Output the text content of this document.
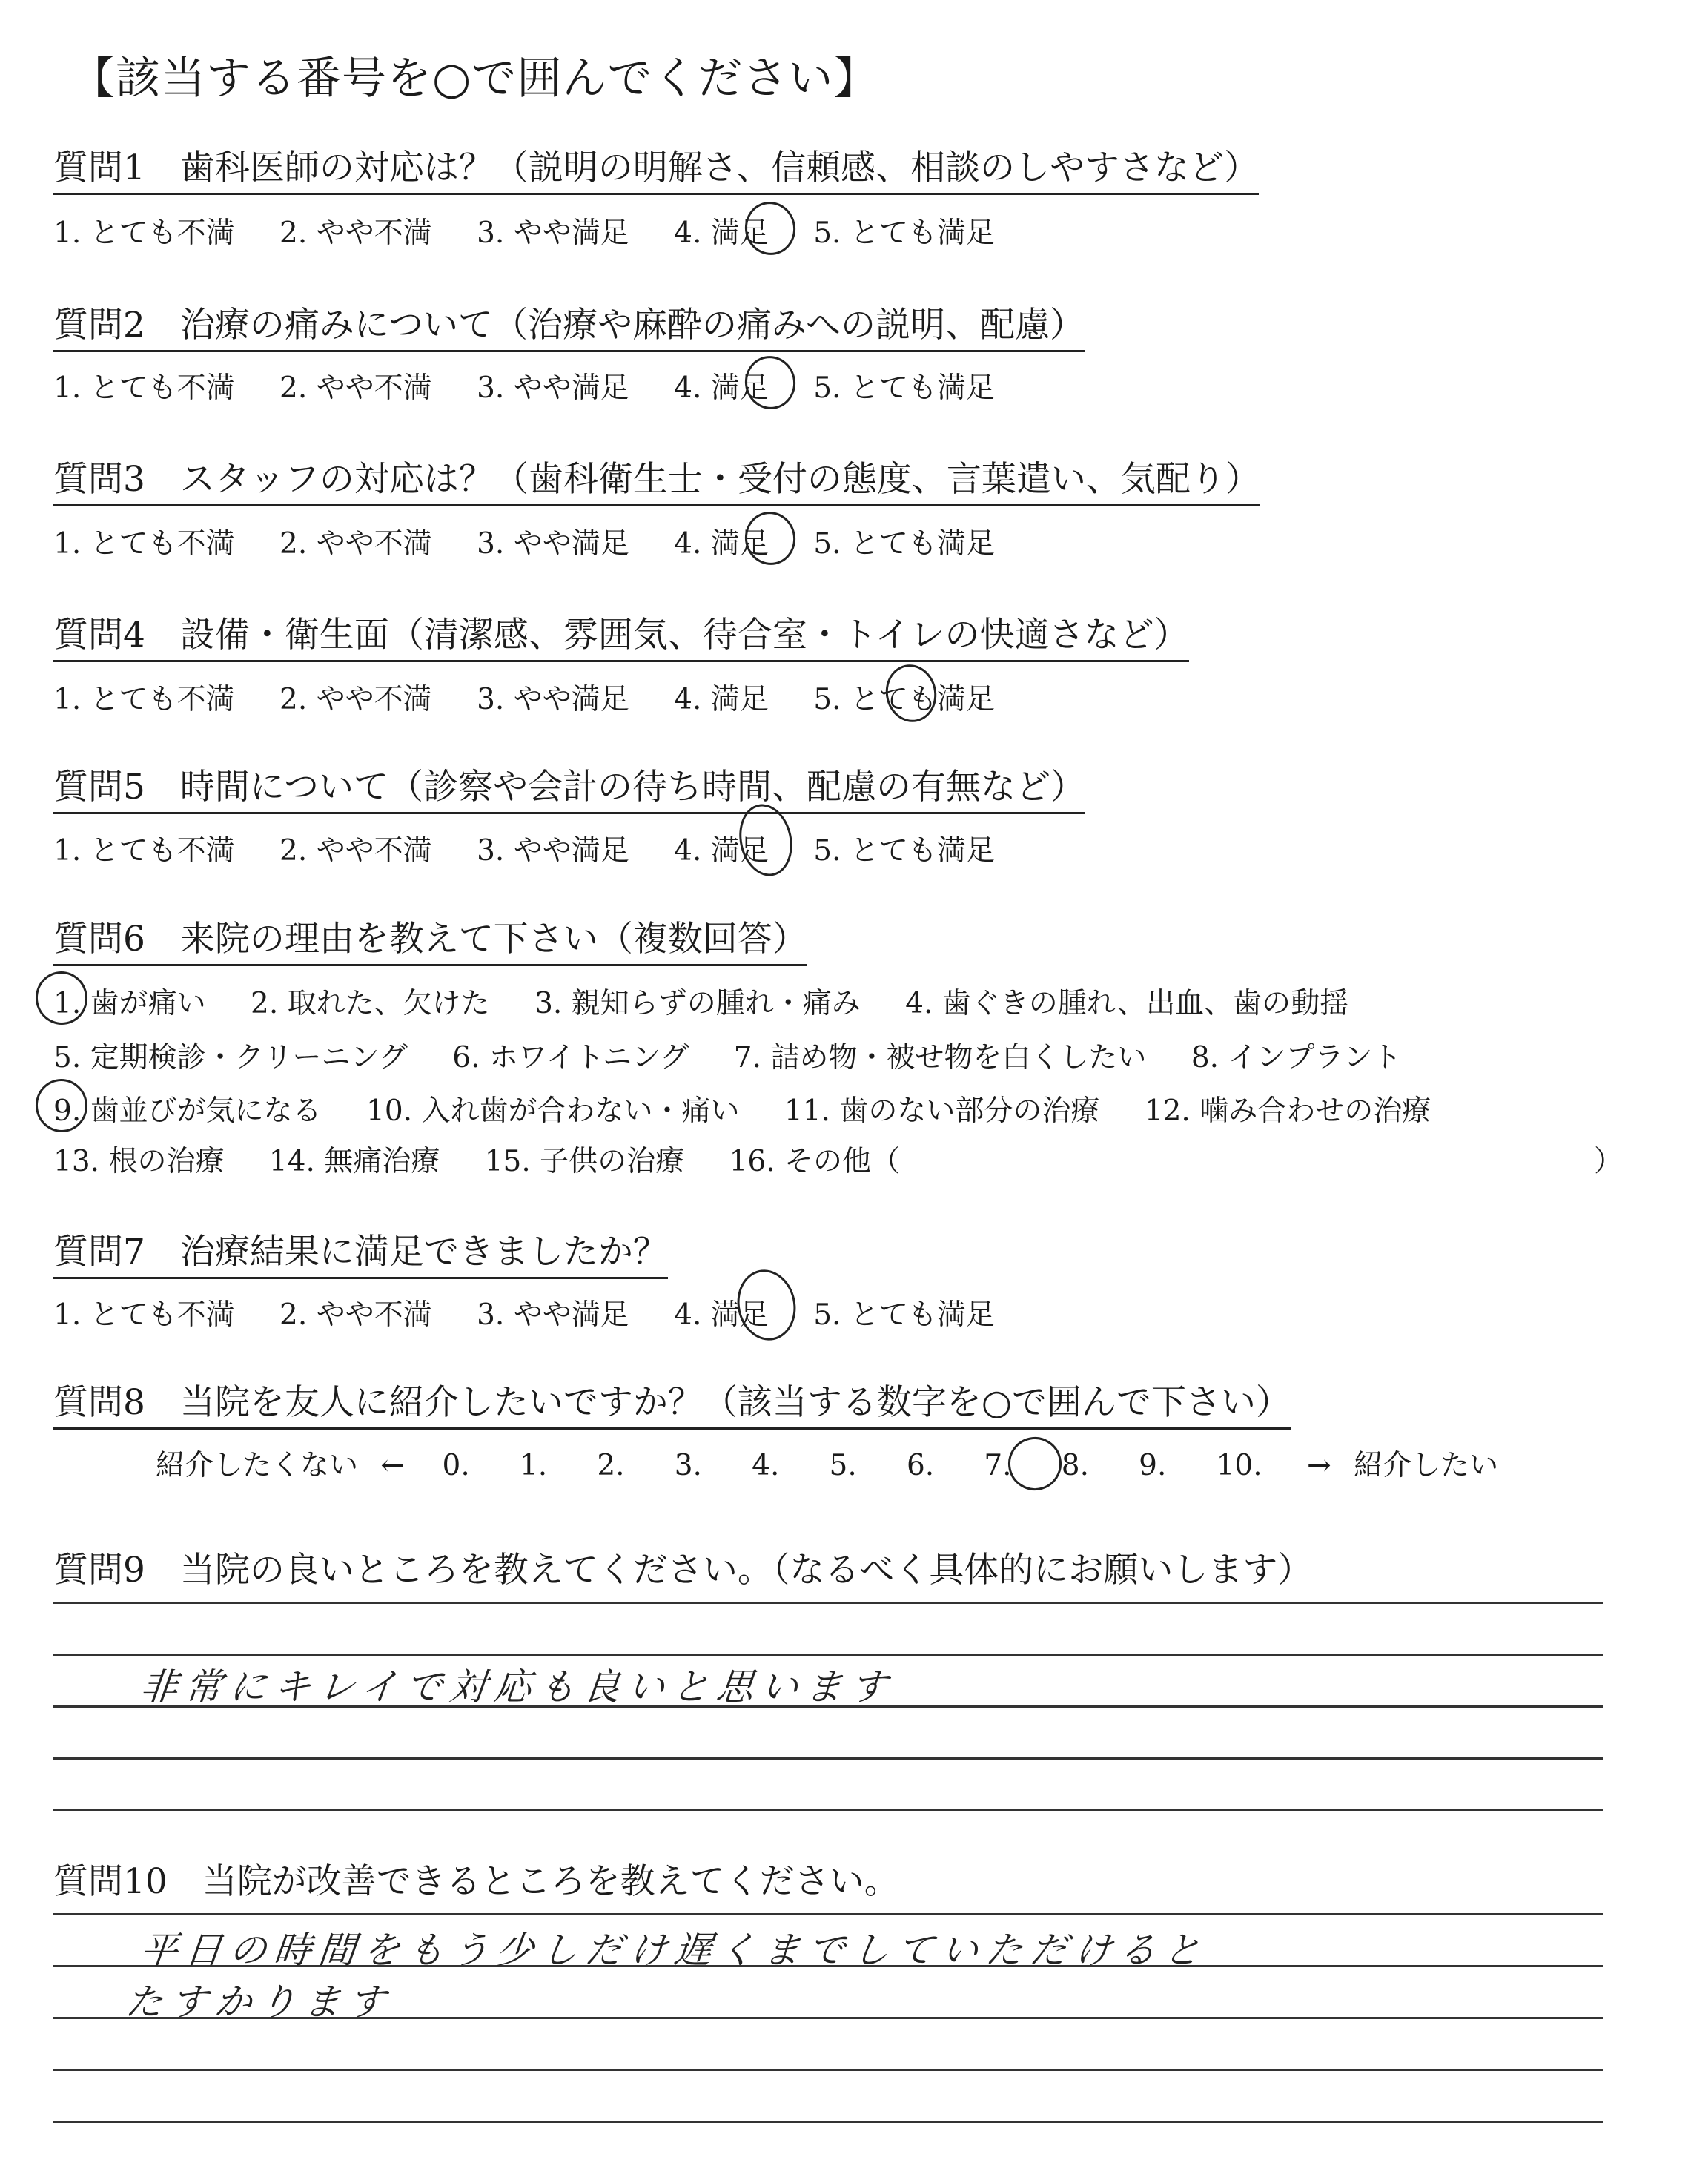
【該当する番号を○で囲んでください】
質問1　歯科医師の対応は？（説明の明解さ、信頼感、相談のしやすさなど）
1. とても不満 2. やや不満 3. やや満足 4. 満足 5. とても満足
質問2　治療の痛みについて（治療や麻酔の痛みへの説明、配慮）
1. とても不満 2. やや不満 3. やや満足 4. 満足 5. とても満足
質問3　スタッフの対応は？（歯科衛生士・受付の態度、言葉遣い、気配り）
1. とても不満 2. やや不満 3. やや満足 4. 満足 5. とても満足
質問4　設備・衛生面（清潔感、雰囲気、待合室・トイレの快適さなど）
1. とても不満 2. やや不満 3. やや満足 4. 満足 5. とても満足
質問5　時間について（診察や会計の待ち時間、配慮の有無など）
1. とても不満 2. やや不満 3. やや満足 4. 満足 5. とても満足
質問6　来院の理由を教えて下さい（複数回答）
1. 歯が痛い 2. 取れた、欠けた 3. 親知らずの腫れ・痛み 4. 歯ぐきの腫れ、出血、歯の動揺
5. 定期検診・クリーニング 6. ホワイトニング 7. 詰め物・被せ物を白くしたい 8. インプラント
9. 歯並びが気になる 10. 入れ歯が合わない・痛い 11. 歯のない部分の治療 12. 噛み合わせの治療
13. 根の治療 14. 無痛治療 15. 子供の治療 16. その他（	）
質問7　治療結果に満足できましたか？
1. とても不満 2. やや不満 3. やや満足 4. 満足 5. とても満足
質問8　当院を友人に紹介したいですか？（該当する数字を○で囲んで下さい）
紹介したくない ← 0. 1. 2. 3. 4. 5. 6. 7. 8. 9. 10. → 紹介したい
質問9　当院の良いところを教えてください。（なるべく具体的にお願いします）
非常にキレイで対応も良いと思います
質問10　当院が改善できるところを教えてください。
平日の時間をもう少しだけ遅くまでしていただけると
たすかります
